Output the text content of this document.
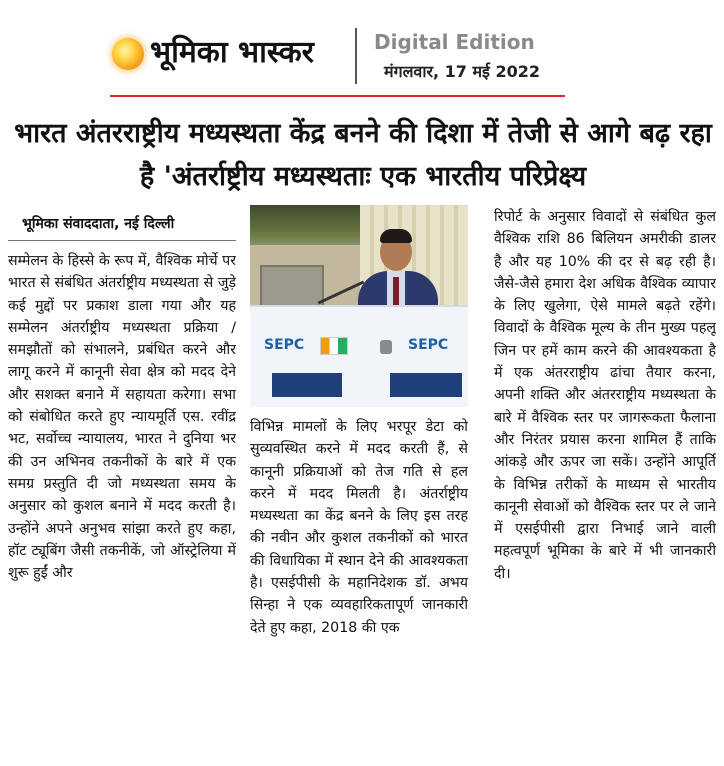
भूमिका भास्कर	Digital Edition
मंगलवार, 17 मई 2022
भारत अंतरराष्ट्रीय मध्यस्थता केंद्र बनने की दिशा में तेजी से आगे बढ़ रहा है 'अंतर्राष्ट्रीय मध्यस्थताः एक भारतीय परिप्रेक्ष्य
भूमिका संवाददाता, नई दिल्ली

सम्मेलन के हिस्से के रूप में, वैश्विक मोर्चे पर भारत से संबंधित अंतर्राष्ट्रीय मध्यस्थता से जुड़े कई मुद्दों पर प्रकाश डाला गया और यह सम्मेलन अंतर्राष्ट्रीय मध्यस्थता प्रक्रिया / समझौतों को संभालने, प्रबंधित करने और लागू करने में कानूनी सेवा क्षेत्र को मदद देने और सशक्त बनाने में सहायता करेगा। सभा को संबोधित करते हुए न्यायमूर्ति एस. रवींद्र भट, सर्वोच्च न्यायालय, भारत ने दुनिया भर की उन अभिनव तकनीकों के बारे में एक समग्र प्रस्तुति दी जो मध्यस्थता समय के अनुसार को कुशल बनाने में मदद करती है। उन्होंने अपने अनुभव सांझा करते हुए कहा, हॉट ट्यूबिंग जैसी तकनीकें, जो ऑस्ट्रेलिया में शुरू हुईं और

SEPC	SEPC

विभिन्न मामलों के लिए भरपूर डेटा को सुव्यवस्थित करने में मदद करती हैं, से कानूनी प्रक्रियाओं को तेज गति से हल करने में मदद मिलती है। अंतर्राष्ट्रीय मध्यस्थता का केंद्र बनने के लिए इस तरह की नवीन और कुशल तकनीकों को भारत की विधायिका में स्थान देने की आवश्यकता है। एसईपीसी के महानिदेशक डॉ. अभय सिन्हा ने एक व्यवहारिकतापूर्ण जानकारी देते हुए कहा, 2018 की एक

रिपोर्ट के अनुसार विवादों से संबंधित कुल वैश्विक राशि 86 बिलियन अमरीकी डालर है और यह 10% की दर से बढ़ रही है। जैसे-जैसे हमारा देश अधिक वैश्विक व्यापार के लिए खुलेगा, ऐसे मामले बढ़ते रहेंगे। विवादों के वैश्विक मूल्य के तीन मुख्य पहलू जिन पर हमें काम करने की आवश्यकता है में एक अंतरराष्ट्रीय ढांचा तैयार करना, अपनी शक्ति और अंतरराष्ट्रीय मध्यस्थता के बारे में वैश्विक स्तर पर जागरूकता फैलाना और निरंतर प्रयास करना शामिल हैं ताकि आंकड़े और ऊपर जा सकें। उन्होंने आपूर्ति के विभिन्न तरीकों के माध्यम से भारतीय कानूनी सेवाओं को वैश्विक स्तर पर ले जाने में एसईपीसी द्वारा निभाई जाने वाली महत्वपूर्ण भूमिका के बारे में भी जानकारी दी।
